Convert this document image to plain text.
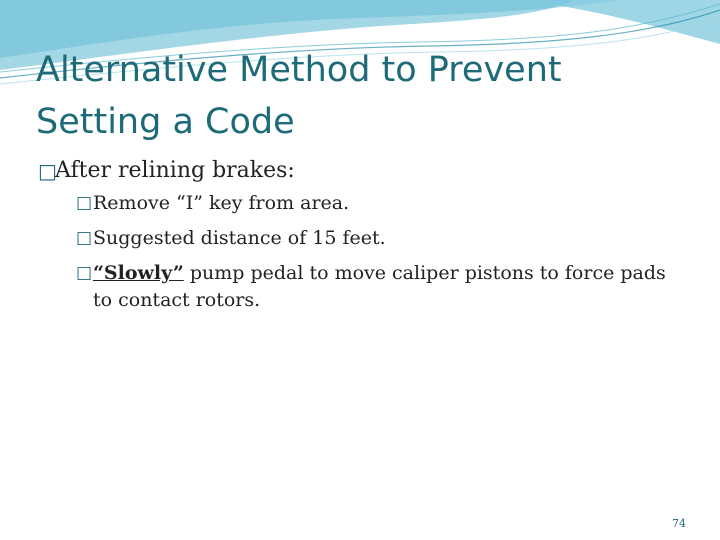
Alternative Method to Prevent
Setting a Code
□
After relining brakes:
□ Remove “I” key from area.
□ Suggested distance of 15 feet.
□ “Slowly” pump pedal to move caliper pistons to force pads to contact rotors.
74
